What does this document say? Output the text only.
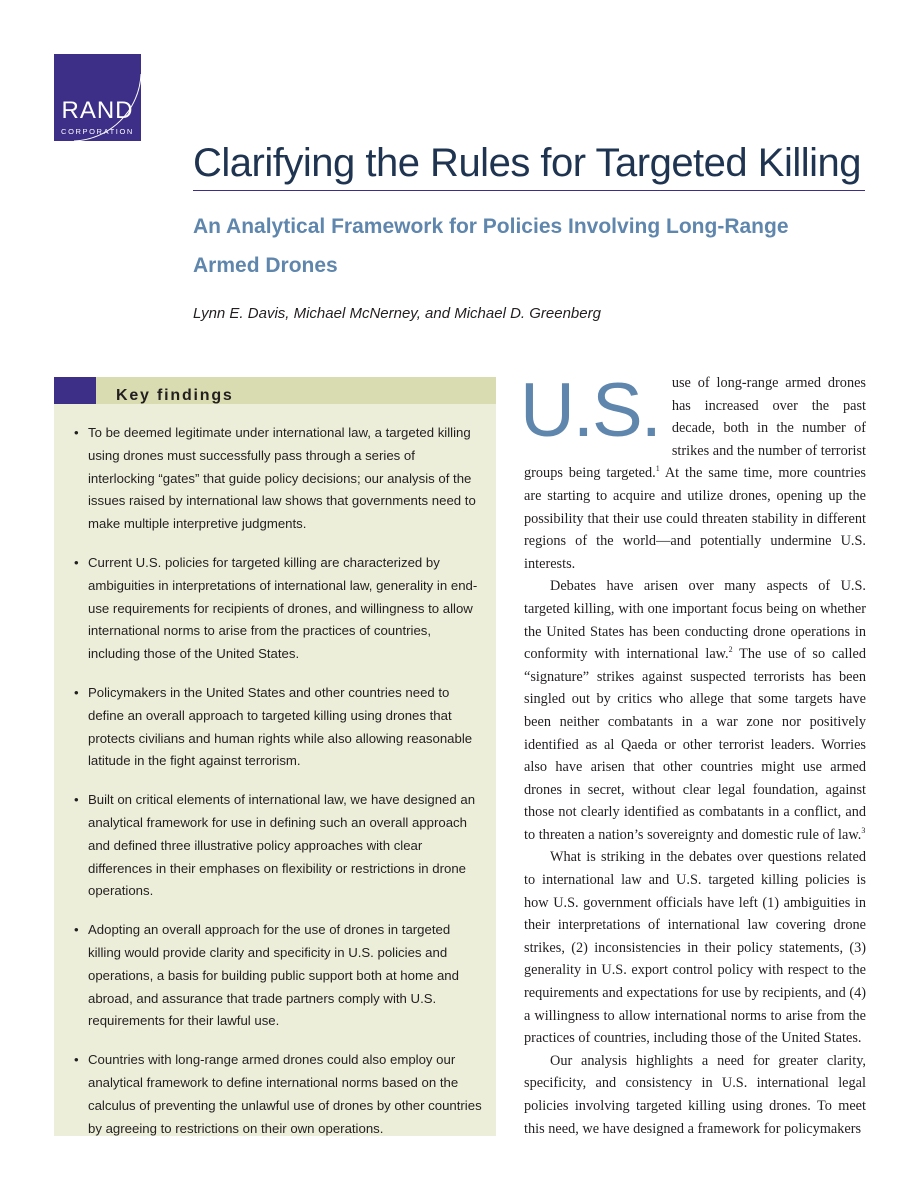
RAND
CORPORATION
Clarifying the Rules for Targeted Killing
An Analytical Framework for Policies Involving Long-Range Armed Drones
Lynn E. Davis, Michael McNerney, and Michael D. Greenberg
Key findings
• To be deemed legitimate under international law, a targeted killing using drones must successfully pass through a series of interlocking “gates” that guide policy decisions; our analysis of the issues raised by international law shows that governments need to make multiple interpretive judgments.
• Current U.S. policies for targeted killing are characterized by ambiguities in interpretations of international law, generality in end-use requirements for recipients of drones, and willingness to allow international norms to arise from the practices of countries, including those of the United States.
• Policymakers in the United States and other countries need to define an overall approach to targeted killing using drones that protects civilians and human rights while also allowing reasonable latitude in the fight against terrorism.
• Built on critical elements of international law, we have designed an analytical framework for use in defining such an overall approach and defined three illustrative policy approaches with clear differences in their emphases on flexibility or restrictions in drone operations.
• Adopting an overall approach for the use of drones in targeted killing would provide clarity and specificity in U.S. policies and operations, a basis for building public support both at home and abroad, and assurance that trade partners comply with U.S. requirements for their lawful use.
• Countries with long-range armed drones could also employ our analytical framework to define international norms based on the calculus of preventing the unlawful use of drones by other countries by agreeing to restrictions on their own operations.

U.S. use of long-range armed drones has increased over the past decade, both in the number of strikes and the number of terrorist groups being targeted.$^1$ At the same time, more countries are starting to acquire and utilize drones, opening up the possibility that their use could threaten stability in different regions of the world—and potentially undermine U.S. interests.

Debates have arisen over many aspects of U.S. targeted killing, with one important focus being on whether the United States has been conducting drone operations in conformity with international law.$^2$ The use of so called “signature” strikes against suspected terrorists has been singled out by critics who allege that some targets have been neither combatants in a war zone nor positively identified as al Qaeda or other terrorist leaders. Worries also have arisen that other countries might use armed drones in secret, without clear legal foundation, against those not clearly identified as combatants in a conflict, and to threaten a nation’s sovereignty and domestic rule of law.$^3$

What is striking in the debates over questions related to international law and U.S. targeted killing policies is how U.S. government officials have left (1) ambiguities in their interpretations of international law covering drone strikes, (2) inconsistencies in their policy statements, (3) generality in U.S. export control policy with respect to the requirements and expectations for use by recipients, and (4) a willingness to allow international norms to arise from the practices of countries, including those of the United States.

Our analysis highlights a need for greater clarity, specificity, and consistency in U.S. international legal policies involving targeted killing using drones. To meet this need, we have designed a framework for policymakers
